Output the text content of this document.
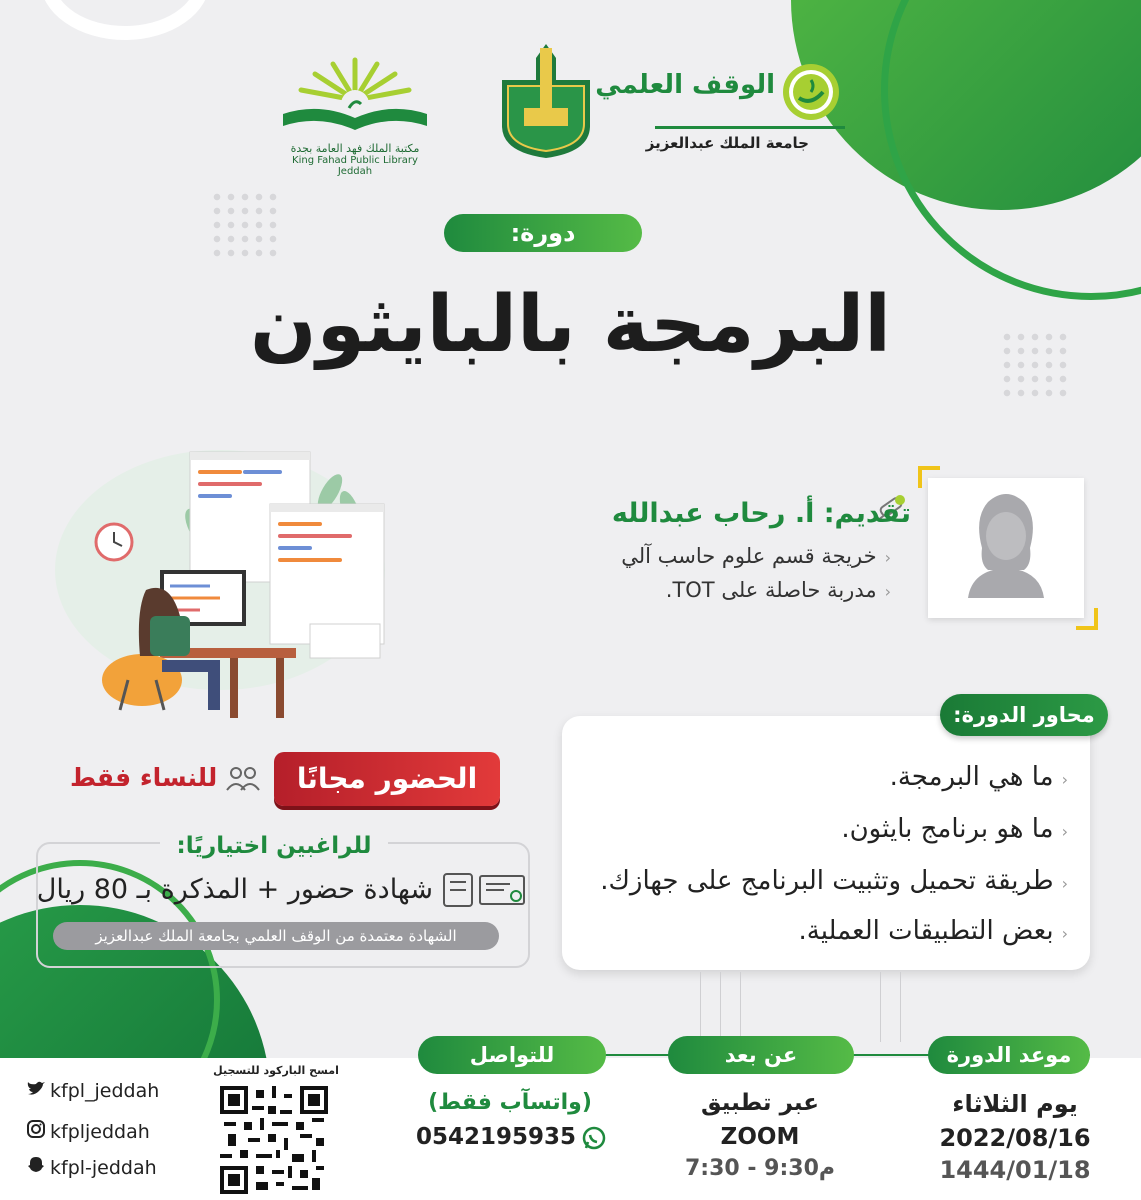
مكتبة الملك فهد العامة بجدة
King Fahad Public Library Jeddah
الوقف العلمي
جامعة الملك عبدالعزيز
دورة:
البرمجة بالبايثون
تقديم: أ. رحاب عبدالله
‹خريجة قسم علوم حاسب آلي
‹مدربة حاصلة على TOT.
‹ما هي البرمجة.
‹ما هو برنامج بايثون.
‹طريقة تحميل وتثبيت البرنامج على جهازك.
‹بعض التطبيقات العملية.
محاور الدورة:
الحضور مجانًا
للنساء فقط
للراغبين اختياريًا:
شهادة حضور + المذكرة بـ 80 ريال
الشهادة معتمدة من الوقف العلمي بجامعة الملك عبدالعزيز
موعد الدورة
يوم الثلاثاء
2022/08/16
1444/01/18
عن بعد
عبر تطبيق
ZOOM
7:30 - 9:30م
للتواصل
(واتسآب فقط)
0542195935
امسح الباركود للتسجيل
kfpl_jeddah
kfpljeddah
kfpl-jeddah
